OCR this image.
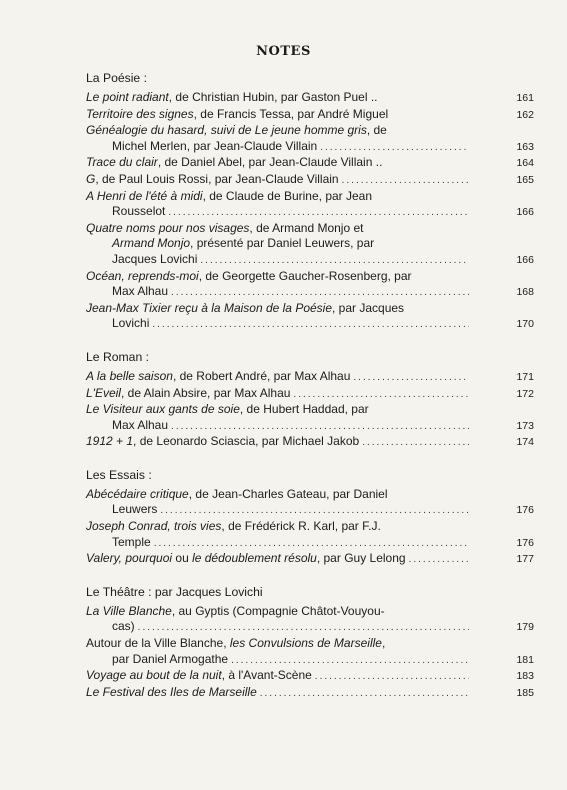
NOTES
La Poésie :
Le point radiant, de Christian Hubin, par Gaston Puel ..	161
Territoire des signes, de Francis Tessa, par André Miguel	162
Généalogie du hasard, suivi de Le jeune homme gris, de
Michel Merlen, par Jean-Claude Villain .....	163
Trace du clair, de Daniel Abel, par Jean-Claude Villain ..	164
G, de Paul Louis Rossi, par Jean-Claude Villain .....	165
A Henri de l'été à midi, de Claude de Burine, par Jean
Rousselot .....	166
Quatre noms pour nos visages, de Armand Monjo et
Armand Monjo, présenté par Daniel Leuwers, par
Jacques Lovichi .....	166
Océan, reprends-moi, de Georgette Gaucher-Rosenberg, par
Max Alhau .....	168
Jean-Max Tixier reçu à la Maison de la Poésie, par Jacques
Lovichi .....	170
Le Roman :
A la belle saison, de Robert André, par Max Alhau .....	171
L'Eveil, de Alain Absire, par Max Alhau .....	172
Le Visiteur aux gants de soie, de Hubert Haddad, par
Max Alhau .....	173
1912 + 1, de Leonardo Sciascia, par Michael Jakob .....	174
Les Essais :
Abécédaire critique, de Jean-Charles Gateau, par Daniel
Leuwers .....	176
Joseph Conrad, trois vies, de Frédérick R. Karl, par F.J.
Temple .....	176
Valery, pourquoi ou le dédoublement résolu, par Guy Lelong .....	177
Le Théâtre : par Jacques Lovichi
La Ville Blanche, au Gyptis (Compagnie Châtot-Vouyou-
cas) .....	179
Autour de la Ville Blanche, les Convulsions de Marseille,
par Daniel Armogathe .....	181
Voyage au bout de la nuit, à l'Avant-Scène .....	183
Le Festival des Iles de Marseille .....	185
